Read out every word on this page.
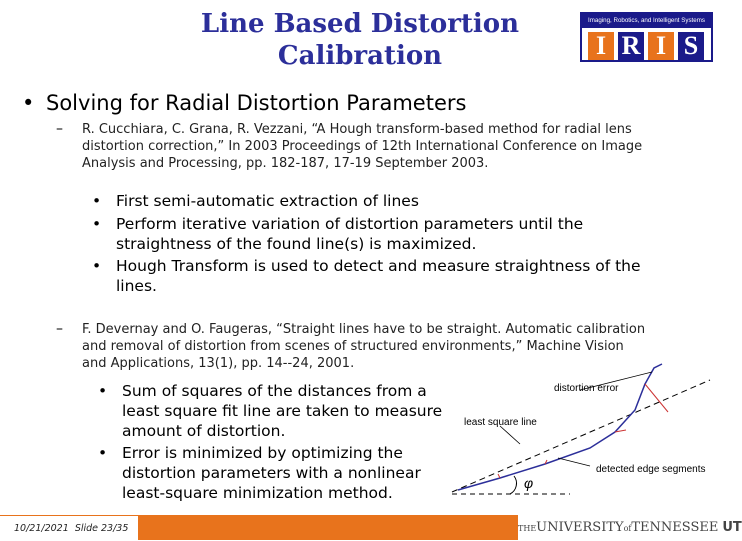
Line Based Distortion
Calibration
Imaging, Robotics, and Intelligent Systems
I R I S
• Solving for Radial Distortion Parameters
– R. Cucchiara, C. Grana, R. Vezzani, “A Hough transform-based method for radial lens distortion correction,” In 2003 Proceedings of 12th International Conference on Image Analysis and Processing, pp. 182-187, 17-19 September 2003.
• First semi-automatic extraction of lines
• Perform iterative variation of distortion parameters until the straightness of the found line(s) is maximized.
• Hough Transform is used to detect and measure straightness of the lines.
– F. Devernay and O. Faugeras, “Straight lines have to be straight. Automatic calibration and removal of distortion from scenes of structured environments,” Machine Vision and Applications, 13(1), pp. 14--24, 2001.
• Sum of squares of the distances from a least square fit line are taken to measure amount of distortion.
• Error is minimized by optimizing the distortion parameters with a nonlinear least-square minimization method.
distortion error
least square line
detected edge segments
φ
10/21/2021 Slide 23/35	THEUNIVERSITYofTENNESSEE UT
